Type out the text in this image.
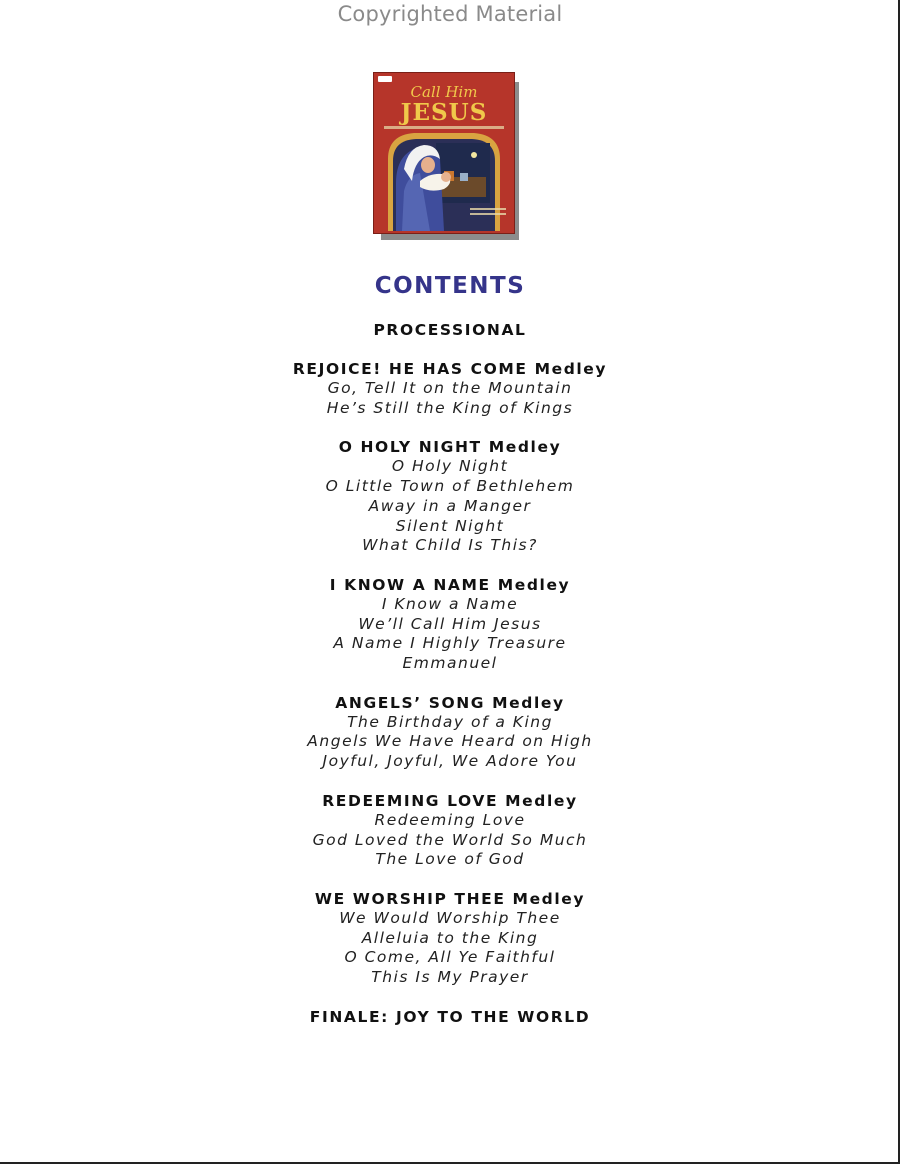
Copyrighted Material
Call Him
JESUS
CONTENTS
PROCESSIONAL
REJOICE! HE HAS COME Medley
Go, Tell It on the Mountain
He’s Still the King of Kings
O HOLY NIGHT Medley
O Holy Night
O Little Town of Bethlehem
Away in a Manger
Silent Night
What Child Is This?
I KNOW A NAME Medley
I Know a Name
We’ll Call Him Jesus
A Name I Highly Treasure
Emmanuel
ANGELS’ SONG Medley
The Birthday of a King
Angels We Have Heard on High
Joyful, Joyful, We Adore You
REDEEMING LOVE Medley
Redeeming Love
God Loved the World So Much
The Love of God
WE WORSHIP THEE Medley
We Would Worship Thee
Alleluia to the King
O Come, All Ye Faithful
This Is My Prayer
FINALE: JOY TO THE WORLD
